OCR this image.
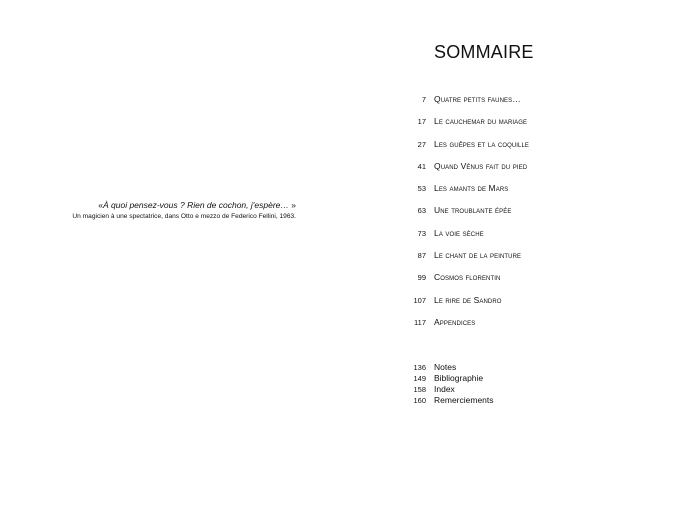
«À quoi pensez-vous ? Rien de cochon, j'espère… »
Un magicien à une spectatrice, dans Otto e mezzo de Federico Fellini, 1963.
SOMMAIRE
7 Quatre petits faunes…
17 Le cauchemar du mariage
27 Les guêpes et la coquille
41 Quand Vénus fait du pied
53 Les amants de Mars
63 Une troublante épée
73 La voie sèche
87 Le chant de la peinture
99 Cosmos florentin
107 Le rire de Sandro
117 Appendices
136 Notes
149 Bibliographie
158 Index
160 Remerciements
